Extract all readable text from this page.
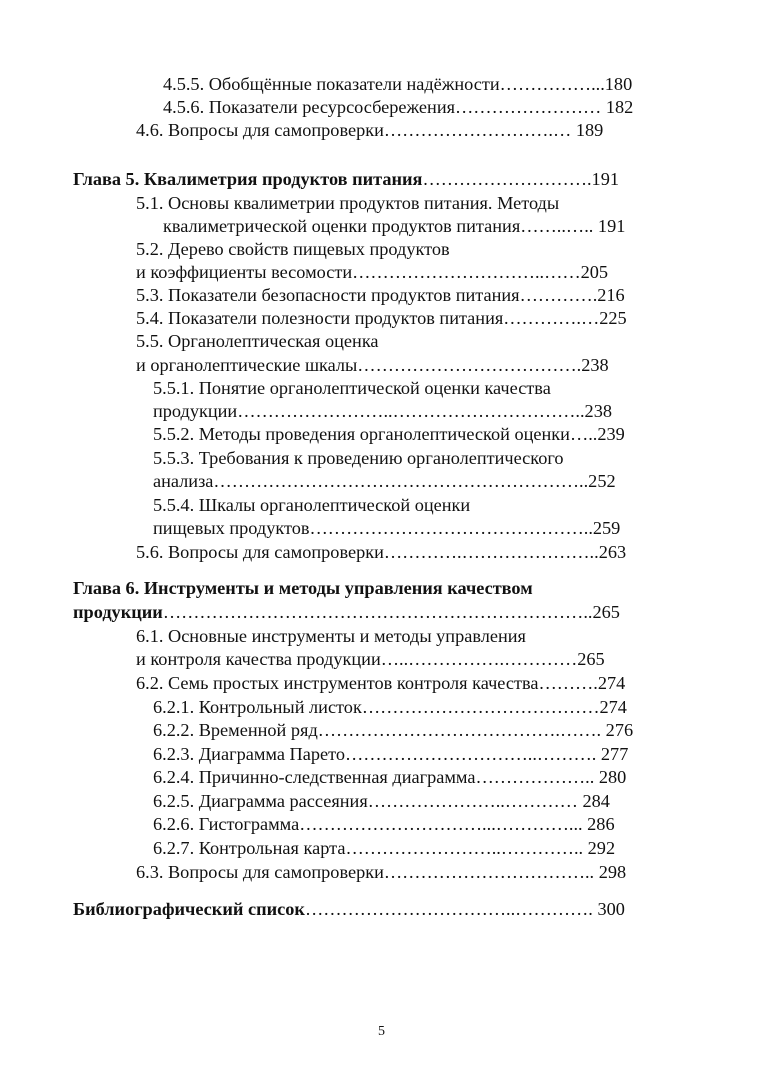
4.5.5. Обобщённые показатели надёжности……………...180
4.5.6. Показатели ресурсосбережения…………………… 182
4.6. Вопросы для самопроверки……………………….… 189
Глава 5. Квалиметрия продуктов питания……………………….191
5.1. Основы квалиметрии продуктов питания. Методы
квалиметрической оценки продуктов питания……..….. 191
5.2. Дерево свойств пищевых продуктов
и коэффициенты весомости…………………………..……205
5.3. Показатели безопасности продуктов питания………….216
5.4. Показатели полезности продуктов питания………….…225
5.5. Органолептическая оценка
и органолептические шкалы……………………………….238
5.5.1. Понятие органолептической оценки качества
продукции……………………..…………………………..238
5.5.2. Методы проведения органолептической оценки…..239
5.5.3. Требования к проведению органолептического
анализа……………………………………………………..252
5.5.4. Шкалы органолептической оценки
пищевых продуктов………………………………………..259
5.6. Вопросы для самопроверки………….…………………..263
Глава 6. Инструменты и методы управления качеством
продукции……………………………………………………………..265
6.1. Основные инструменты и методы управления
и контроля качества продукции…..…………….…………265
6.2. Семь простых инструментов контроля качества……….274
6.2.1. Контрольный листок…………………………………274
6.2.2. Временной ряд………………………………….……. 276
6.2.3. Диаграмма Парето…………………………..………. 277
6.2.4. Причинно-следственная диаграмма……………….. 280
6.2.5. Диаграмма рассеяния…………………..………… 284
6.2.6. Гистограмма…………………………...…………... 286
6.2.7. Контрольная карта……………………..………….. 292
6.3. Вопросы для самопроверки…………………………….. 298
Библиографический список……………………………..…………. 300
5
